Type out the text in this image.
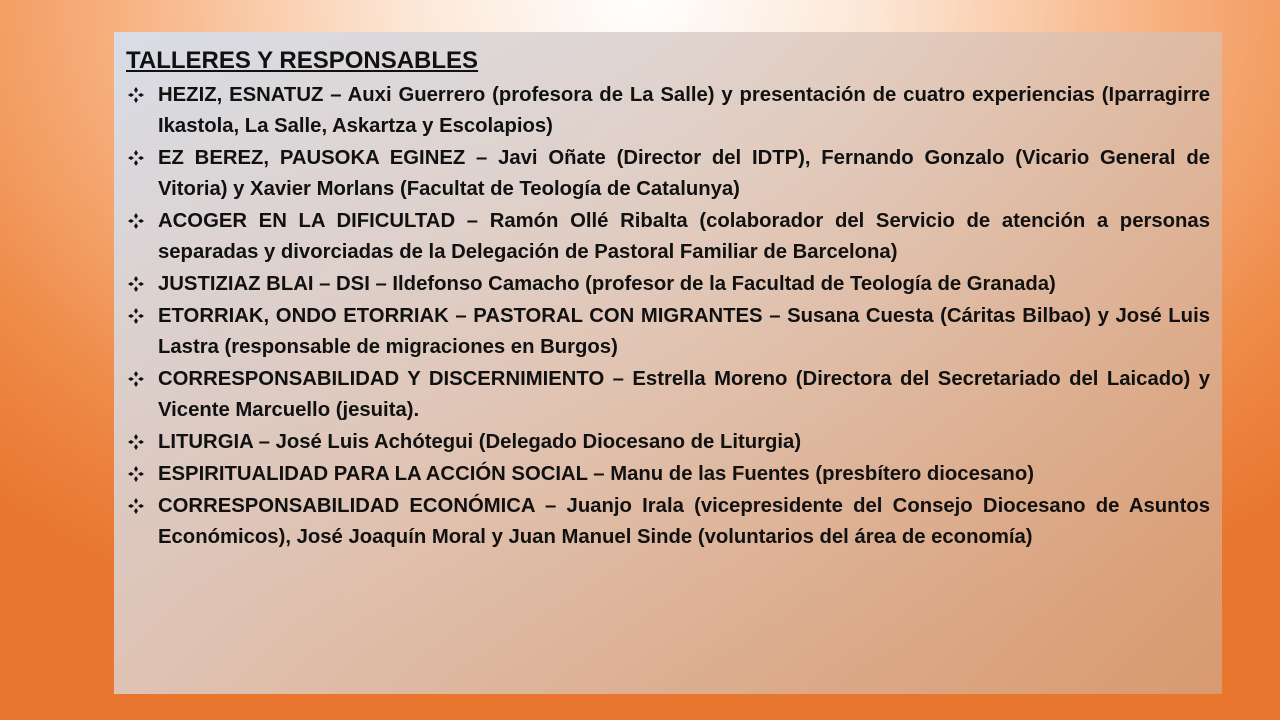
TALLERES Y RESPONSABLES
HEZIZ, ESNATUZ – Auxi Guerrero (profesora de La Salle) y presentación de cuatro experiencias (Iparragirre Ikastola, La Salle, Askartza y Escolapios)
EZ BEREZ, PAUSOKA EGINEZ – Javi Oñate (Director del IDTP), Fernando Gonzalo (Vicario General de Vitoria) y Xavier Morlans (Facultat de Teología de Catalunya)
ACOGER EN LA DIFICULTAD – Ramón Ollé Ribalta (colaborador del Servicio de atención a personas separadas y divorciadas de la Delegación de Pastoral Familiar de Barcelona)
JUSTIZIAZ BLAI – DSI – Ildefonso Camacho (profesor de la Facultad de Teología de Granada)
ETORRIAK, ONDO ETORRIAK – PASTORAL CON MIGRANTES – Susana Cuesta (Cáritas Bilbao) y José Luis Lastra (responsable de migraciones en Burgos)
CORRESPONSABILIDAD Y DISCERNIMIENTO – Estrella Moreno (Directora del Secretariado del Laicado) y Vicente Marcuello (jesuita).
LITURGIA – José Luis Achótegui (Delegado Diocesano de Liturgia)
ESPIRITUALIDAD PARA LA ACCIÓN SOCIAL – Manu de las Fuentes (presbítero diocesano)
CORRESPONSABILIDAD ECONÓMICA – Juanjo Irala (vicepresidente del Consejo Diocesano de Asuntos Económicos), José Joaquín Moral y Juan Manuel Sinde (voluntarios del área de economía)
